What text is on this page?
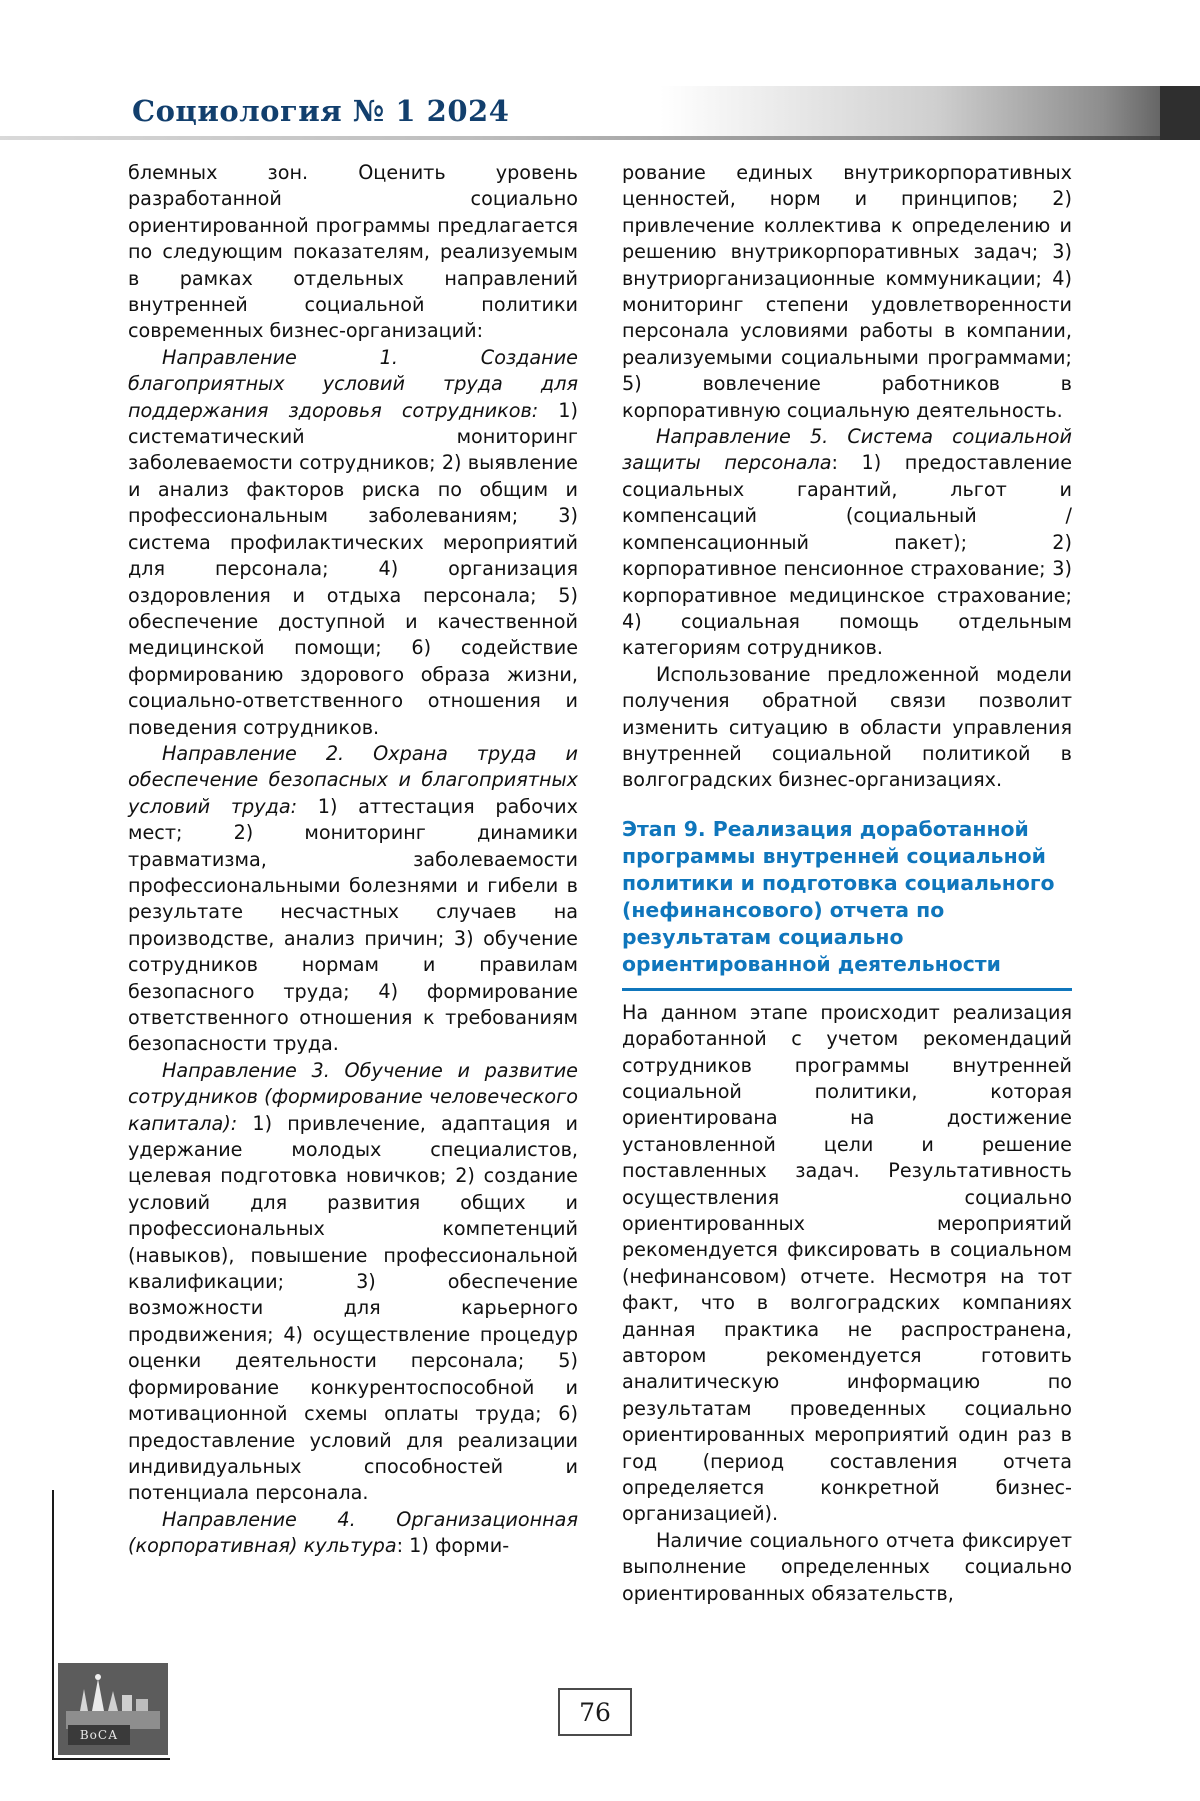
Социология № 1 2024

блемных зон. Оценить уровень разработанной социально ориентированной программы предлагается по следующим показателям, реализуемым в рамках отдельных направлений внутренней социальной политики современных бизнес-организаций:

Направление 1. Создание благоприятных условий труда для поддержания здоровья сотрудников: 1) систематический мониторинг заболеваемости сотрудников; 2) выявление и анализ факторов риска по общим и профессиональным заболеваниям; 3) система профилактических мероприятий для персонала; 4) организация оздоровления и отдыха персонала; 5) обеспечение доступной и качественной медицинской помощи; 6) содействие формированию здорового образа жизни, социально-ответственного отношения и поведения сотрудников.

Направление 2. Охрана труда и обеспечение безопасных и благоприятных условий труда: 1) аттестация рабочих мест; 2) мониторинг динамики травматизма, заболеваемости профессиональными болезнями и гибели в результате несчастных случаев на производстве, анализ причин; 3) обучение сотрудников нормам и правилам безопасного труда; 4) формирование ответственного отношения к требованиям безопасности труда.

Направление 3. Обучение и развитие сотрудников (формирование человеческого капитала): 1) привлечение, адаптация и удержание молодых специалистов, целевая подготовка новичков; 2) создание условий для развития общих и профессиональных компетенций (навыков), повышение профессиональной квалификации; 3) обеспечение возможности для карьерного продвижения; 4) осуществление процедур оценки деятельности персонала; 5) формирование конкурентоспособной и мотивационной схемы оплаты труда; 6) предоставление условий для реализации индивидуальных способностей и потенциала персонала.

Направление 4. Организационная (корпоративная) культура: 1) форми-

рование единых внутрикорпоративных ценностей, норм и принципов; 2) привлечение коллектива к определению и решению внутрикорпоративных задач; 3) внутриорганизационные коммуникации; 4) мониторинг степени удовлетворенности персонала условиями работы в компании, реализуемыми социальными программами; 5) вовлечение работников в корпоративную социальную деятельность.

Направление 5. Система социальной защиты персонала: 1) предоставление социальных гарантий, льгот и компенсаций (социальный / компенсационный пакет); 2) корпоративное пенсионное страхование; 3) корпоративное медицинское страхование; 4) социальная помощь отдельным категориям сотрудников.

Использование предложенной модели получения обратной связи позволит изменить ситуацию в области управления внутренней социальной политикой в волгоградских бизнес-организациях.

Этап 9. Реализация доработанной программы внутренней социальной политики и подготовка социального (нефинансового) отчета по результатам социально ориентированной деятельности

На данном этапе происходит реализация доработанной с учетом рекомендаций сотрудников программы внутренней социальной политики, которая ориентирована на достижение установленной цели и решение поставленных задач. Результативность осуществления социально ориентированных мероприятий рекомендуется фиксировать в социальном (нефинансовом) отчете. Несмотря на тот факт, что в волгоградских компаниях данная практика не распространена, автором рекомендуется готовить аналитическую информацию по результатам проведенных социально ориентированных мероприятий один раз в год (период составления отчета определяется конкретной бизнес-организацией).

Наличие социального отчета фиксирует выполнение определенных социально ориентированных обязательств,

ВоСА
76
